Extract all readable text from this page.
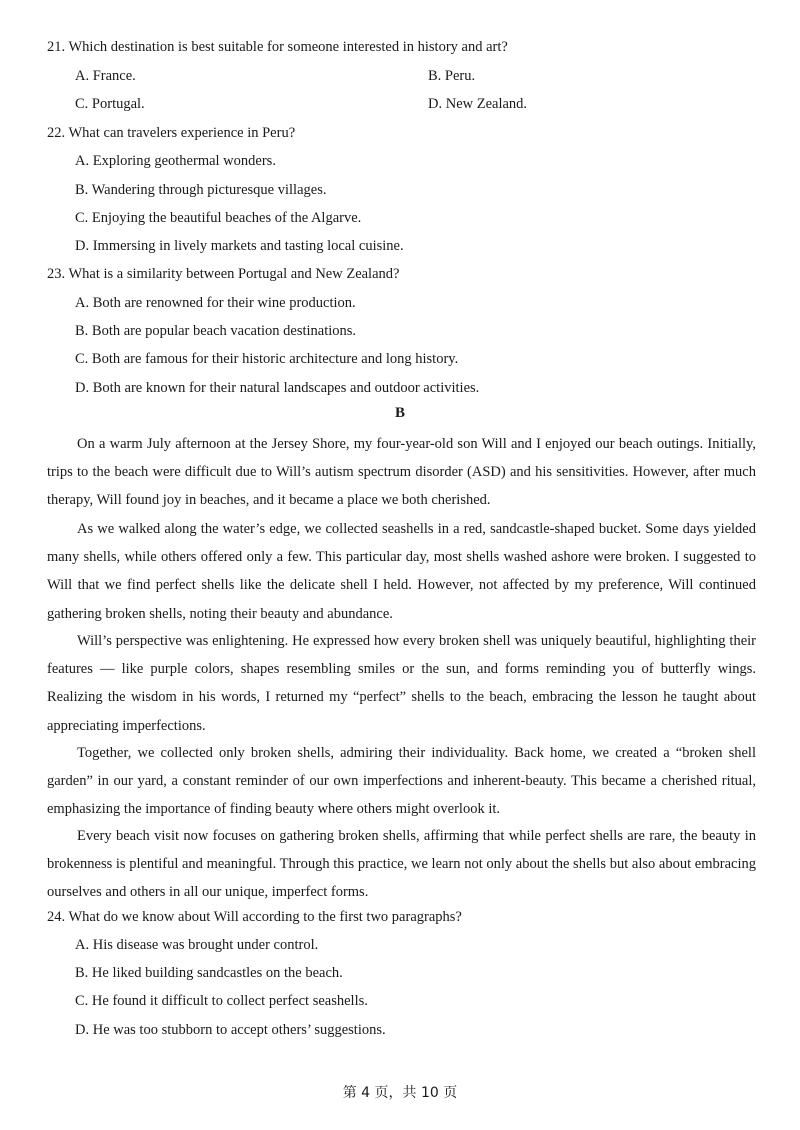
21. Which destination is best suitable for someone interested in history and art?
A. France.	B. Peru.
C. Portugal.	D. New Zealand.
22. What can travelers experience in Peru?
A. Exploring geothermal wonders.
B. Wandering through picturesque villages.
C. Enjoying the beautiful beaches of the Algarve.
D. Immersing in lively markets and tasting local cuisine.
23. What is a similarity between Portugal and New Zealand?
A. Both are renowned for their wine production.
B. Both are popular beach vacation destinations.
C. Both are famous for their historic architecture and long history.
D. Both are known for their natural landscapes and outdoor activities.
B

On a warm July afternoon at the Jersey Shore, my four-year-old son Will and I enjoyed our beach outings. Initially, trips to the beach were difficult due to Will’s autism spectrum disorder (ASD) and his sensitivities. However, after much therapy, Will found joy in beaches, and it became a place we both cherished.

As we walked along the water’s edge, we collected seashells in a red, sandcastle-shaped bucket. Some days yielded many shells, while others offered only a few. This particular day, most shells washed ashore were broken. I suggested to Will that we find perfect shells like the delicate shell I held. However, not affected by my preference, Will continued gathering broken shells, noting their beauty and abundance.

Will’s perspective was enlightening. He expressed how every broken shell was uniquely beautiful, highlighting their features — like purple colors, shapes resembling smiles or the sun, and forms reminding you of butterfly wings. Realizing the wisdom in his words, I returned my “perfect” shells to the beach, embracing the lesson he taught about appreciating imperfections.

Together, we collected only broken shells, admiring their individuality. Back home, we created a “broken shell garden” in our yard, a constant reminder of our own imperfections and inherent-beauty. This became a cherished ritual, emphasizing the importance of finding beauty where others might overlook it.

Every beach visit now focuses on gathering broken shells, affirming that while perfect shells are rare, the beauty in brokenness is plentiful and meaningful. Through this practice, we learn not only about the shells but also about embracing ourselves and others in all our unique, imperfect forms.

24. What do we know about Will according to the first two paragraphs?
A. His disease was brought under control.
B. He liked building sandcastles on the beach.
C. He found it difficult to collect perfect seashells.
D. He was too stubborn to accept others’ suggestions.
第 4 页，共 10 页
